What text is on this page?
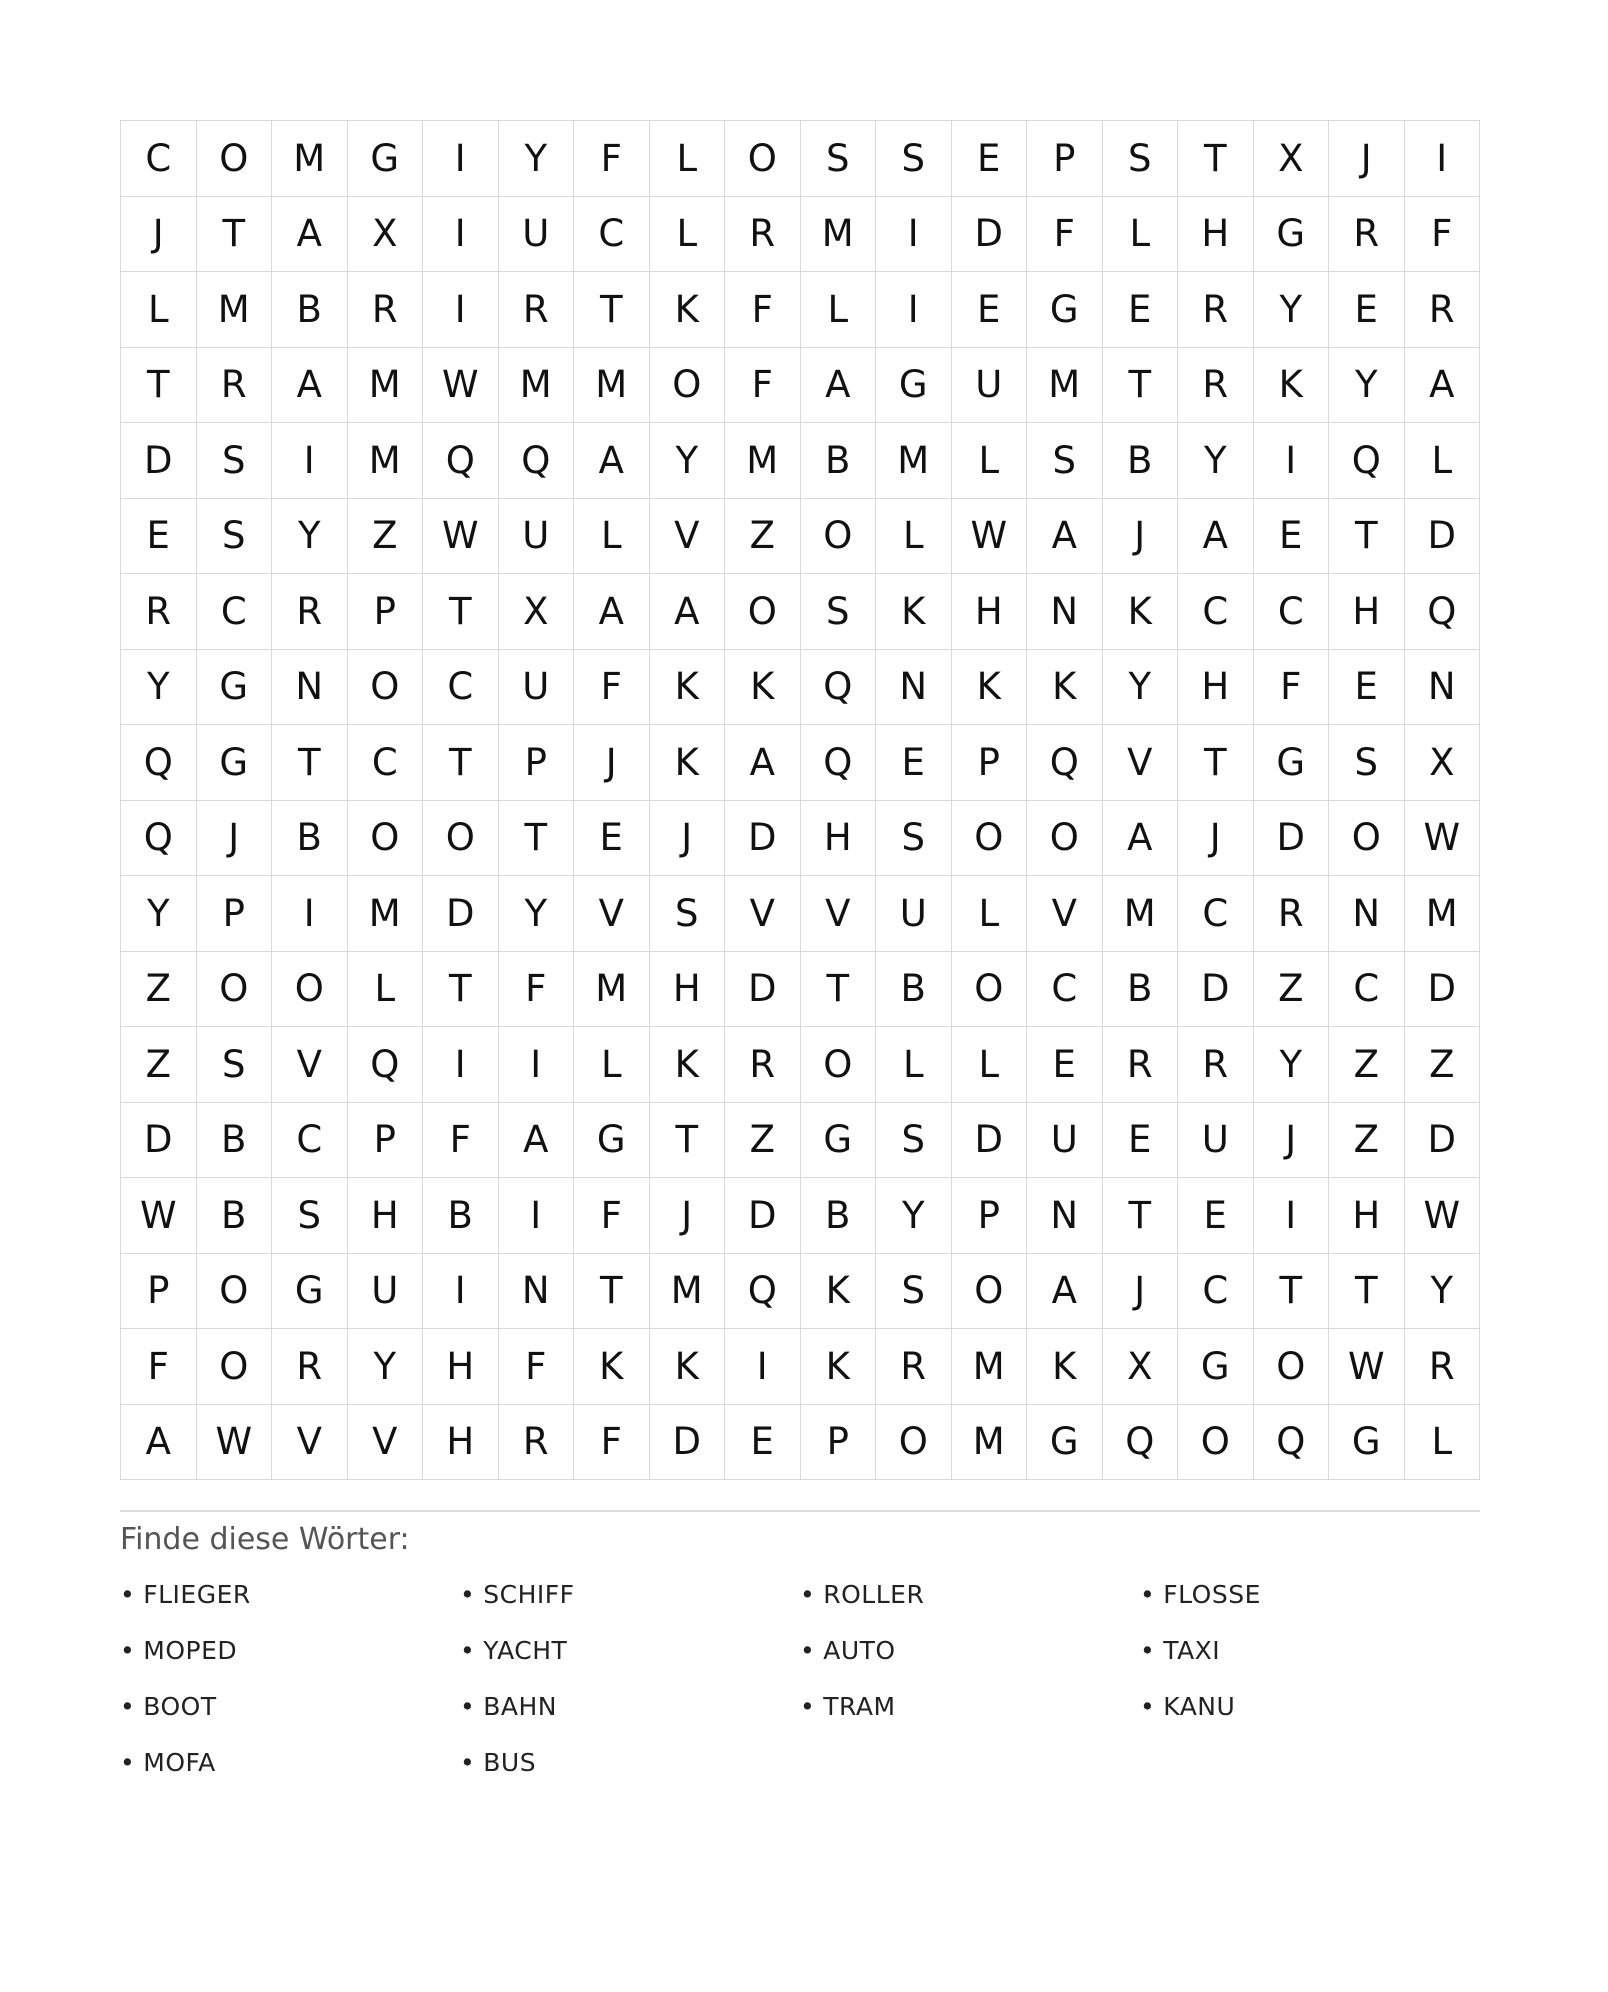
C	O	M	G	I	Y	F	L	O	S	S	E	P	S	T	X	J	I
J	T	A	X	I	U	C	L	R	M	I	D	F	L	H	G	R	F
L	M	B	R	I	R	T	K	F	L	I	E	G	E	R	Y	E	R
T	R	A	M	W	M	M	O	F	A	G	U	M	T	R	K	Y	A
D	S	I	M	Q	Q	A	Y	M	B	M	L	S	B	Y	I	Q	L
E	S	Y	Z	W	U	L	V	Z	O	L	W	A	J	A	E	T	D
R	C	R	P	T	X	A	A	O	S	K	H	N	K	C	C	H	Q
Y	G	N	O	C	U	F	K	K	Q	N	K	K	Y	H	F	E	N
Q	G	T	C	T	P	J	K	A	Q	E	P	Q	V	T	G	S	X
Q	J	B	O	O	T	E	J	D	H	S	O	O	A	J	D	O	W
Y	P	I	M	D	Y	V	S	V	V	U	L	V	M	C	R	N	M
Z	O	O	L	T	F	M	H	D	T	B	O	C	B	D	Z	C	D
Z	S	V	Q	I	I	L	K	R	O	L	L	E	R	R	Y	Z	Z
D	B	C	P	F	A	G	T	Z	G	S	D	U	E	U	J	Z	D
W	B	S	H	B	I	F	J	D	B	Y	P	N	T	E	I	H	W
P	O	G	U	I	N	T	M	Q	K	S	O	A	J	C	T	T	Y
F	O	R	Y	H	F	K	K	I	K	R	M	K	X	G	O	W	R
A	W	V	V	H	R	F	D	E	P	O	M	G	Q	O	Q	G	L
Finde diese Wörter:
• FLIEGER	• SCHIFF	• ROLLER	• FLOSSE
• MOPED	• YACHT	• AUTO	• TAXI
• BOOT	• BAHN	• TRAM	• KANU
• MOFA	• BUS
